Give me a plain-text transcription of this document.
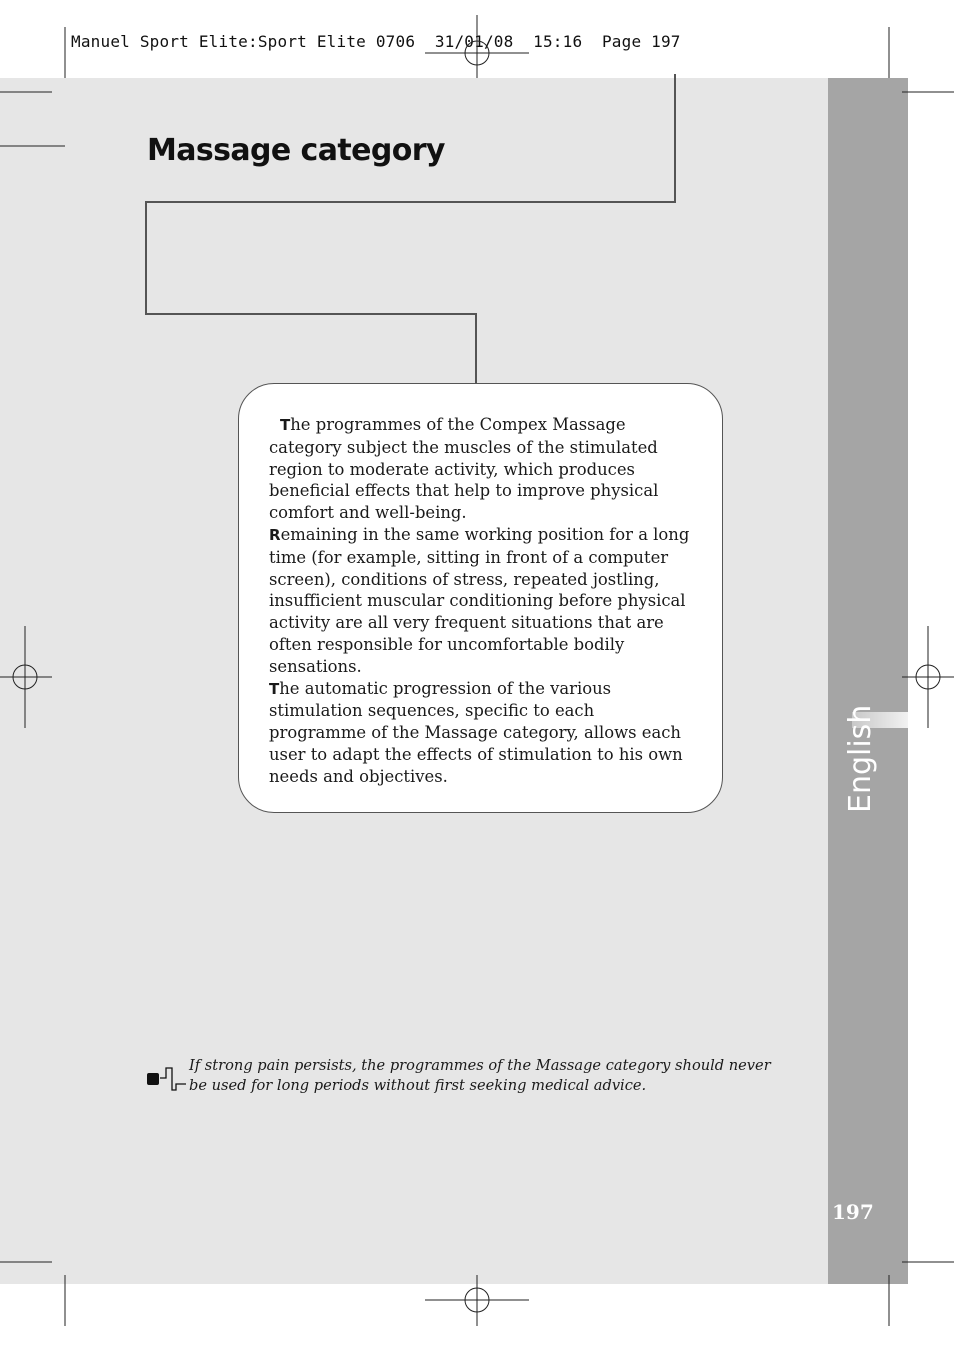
Manuel Sport Elite:Sport Elite 0706  31/01/08  15:16  Page 197
English
197
Massage category

The programmes of the Compex Massage category subject the muscles of the stimulated region to moderate activity, which produces beneficial effects that help to improve physical comfort and well-being.

Remaining in the same working position for a long time (for example, sitting in front of a computer screen), conditions of stress, repeated jostling, insufficient muscular conditioning before physical activity are all very frequent situations that are often responsible for uncomfortable bodily sensations.

The automatic progression of the various stimulation sequences, specific to each programme of the Massage category, allows each user to adapt the effects of stimulation to his own needs and objectives.

If strong pain persists, the programmes of the Massage category should never be used for long periods without first seeking medical advice.
